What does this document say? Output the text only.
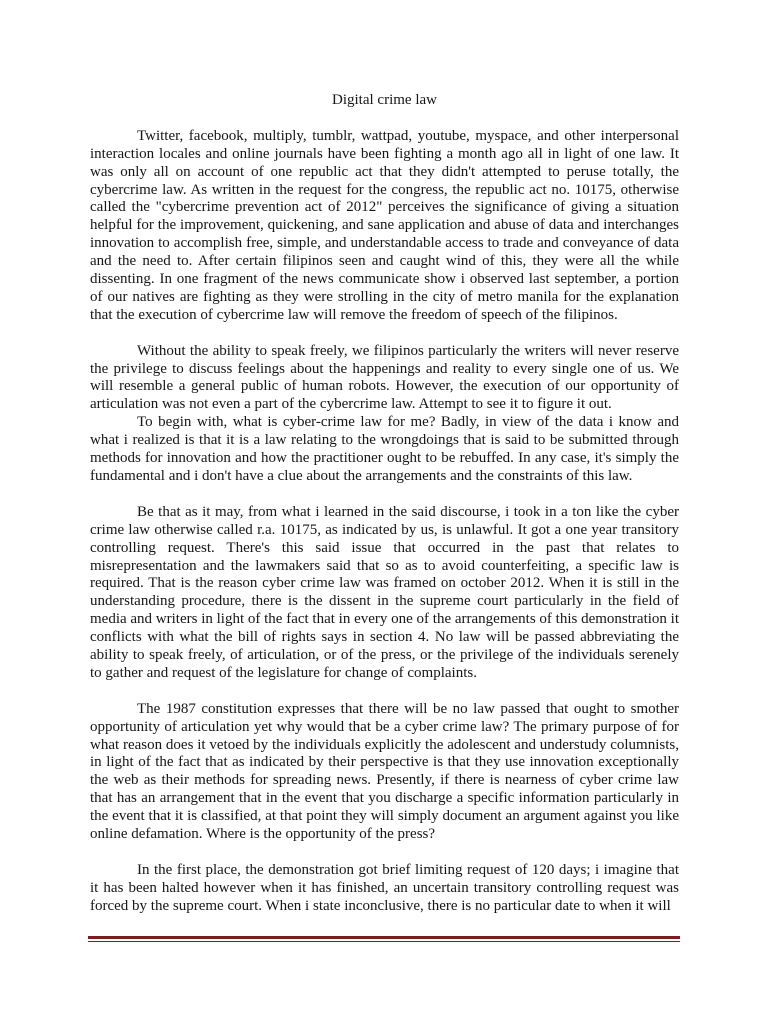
Digital crime law

Twitter, facebook, multiply, tumblr, wattpad, youtube, myspace, and other interpersonal interaction locales and online journals have been fighting a month ago all in light of one law. It was only all on account of one republic act that they didn't attempted to peruse totally, the cybercrime law. As written in the request for the congress, the republic act no. 10175, otherwise called the "cybercrime prevention act of 2012" perceives the significance of giving a situation helpful for the improvement, quickening, and sane application and abuse of data and interchanges innovation to accomplish free, simple, and understandable access to trade and conveyance of data and the need to. After certain filipinos seen and caught wind of this, they were all the while dissenting. In one fragment of the news communicate show i observed last september, a portion of our natives are fighting as they were strolling in the city of metro manila for the explanation that the execution of cybercrime law will remove the freedom of speech of the filipinos.

Without the ability to speak freely, we filipinos particularly the writers will never reserve the privilege to discuss feelings about the happenings and reality to every single one of us. We will resemble a general public of human robots. However, the execution of our opportunity of articulation was not even a part of the cybercrime law. Attempt to see it to figure it out.

To begin with, what is cyber-crime law for me? Badly, in view of the data i know and what i realized is that it is a law relating to the wrongdoings that is said to be submitted through methods for innovation and how the practitioner ought to be rebuffed. In any case, it's simply the fundamental and i don't have a clue about the arrangements and the constraints of this law.

Be that as it may, from what i learned in the said discourse, i took in a ton like the cyber crime law otherwise called r.a. 10175, as indicated by us, is unlawful. It got a one year transitory controlling request. There's this said issue that occurred in the past that relates to misrepresentation and the lawmakers said that so as to avoid counterfeiting, a specific law is required. That is the reason cyber crime law was framed on october 2012. When it is still in the understanding procedure, there is the dissent in the supreme court particularly in the field of media and writers in light of the fact that in every one of the arrangements of this demonstration it conflicts with what the bill of rights says in section 4. No law will be passed abbreviating the ability to speak freely, of articulation, or of the press, or the privilege of the individuals serenely to gather and request of the legislature for change of complaints.

The 1987 constitution expresses that there will be no law passed that ought to smother opportunity of articulation yet why would that be a cyber crime law? The primary purpose of for what reason does it vetoed by the individuals explicitly the adolescent and understudy columnists, in light of the fact that as indicated by their perspective is that they use innovation exceptionally the web as their methods for spreading news. Presently, if there is nearness of cyber crime law that has an arrangement that in the event that you discharge a specific information particularly in the event that it is classified, at that point they will simply document an argument against you like online defamation. Where is the opportunity of the press?

In the first place, the demonstration got brief limiting request of 120 days; i imagine that it has been halted however when it has finished, an uncertain transitory controlling request was forced by the supreme court. When i state inconclusive, there is no particular date to when it will
